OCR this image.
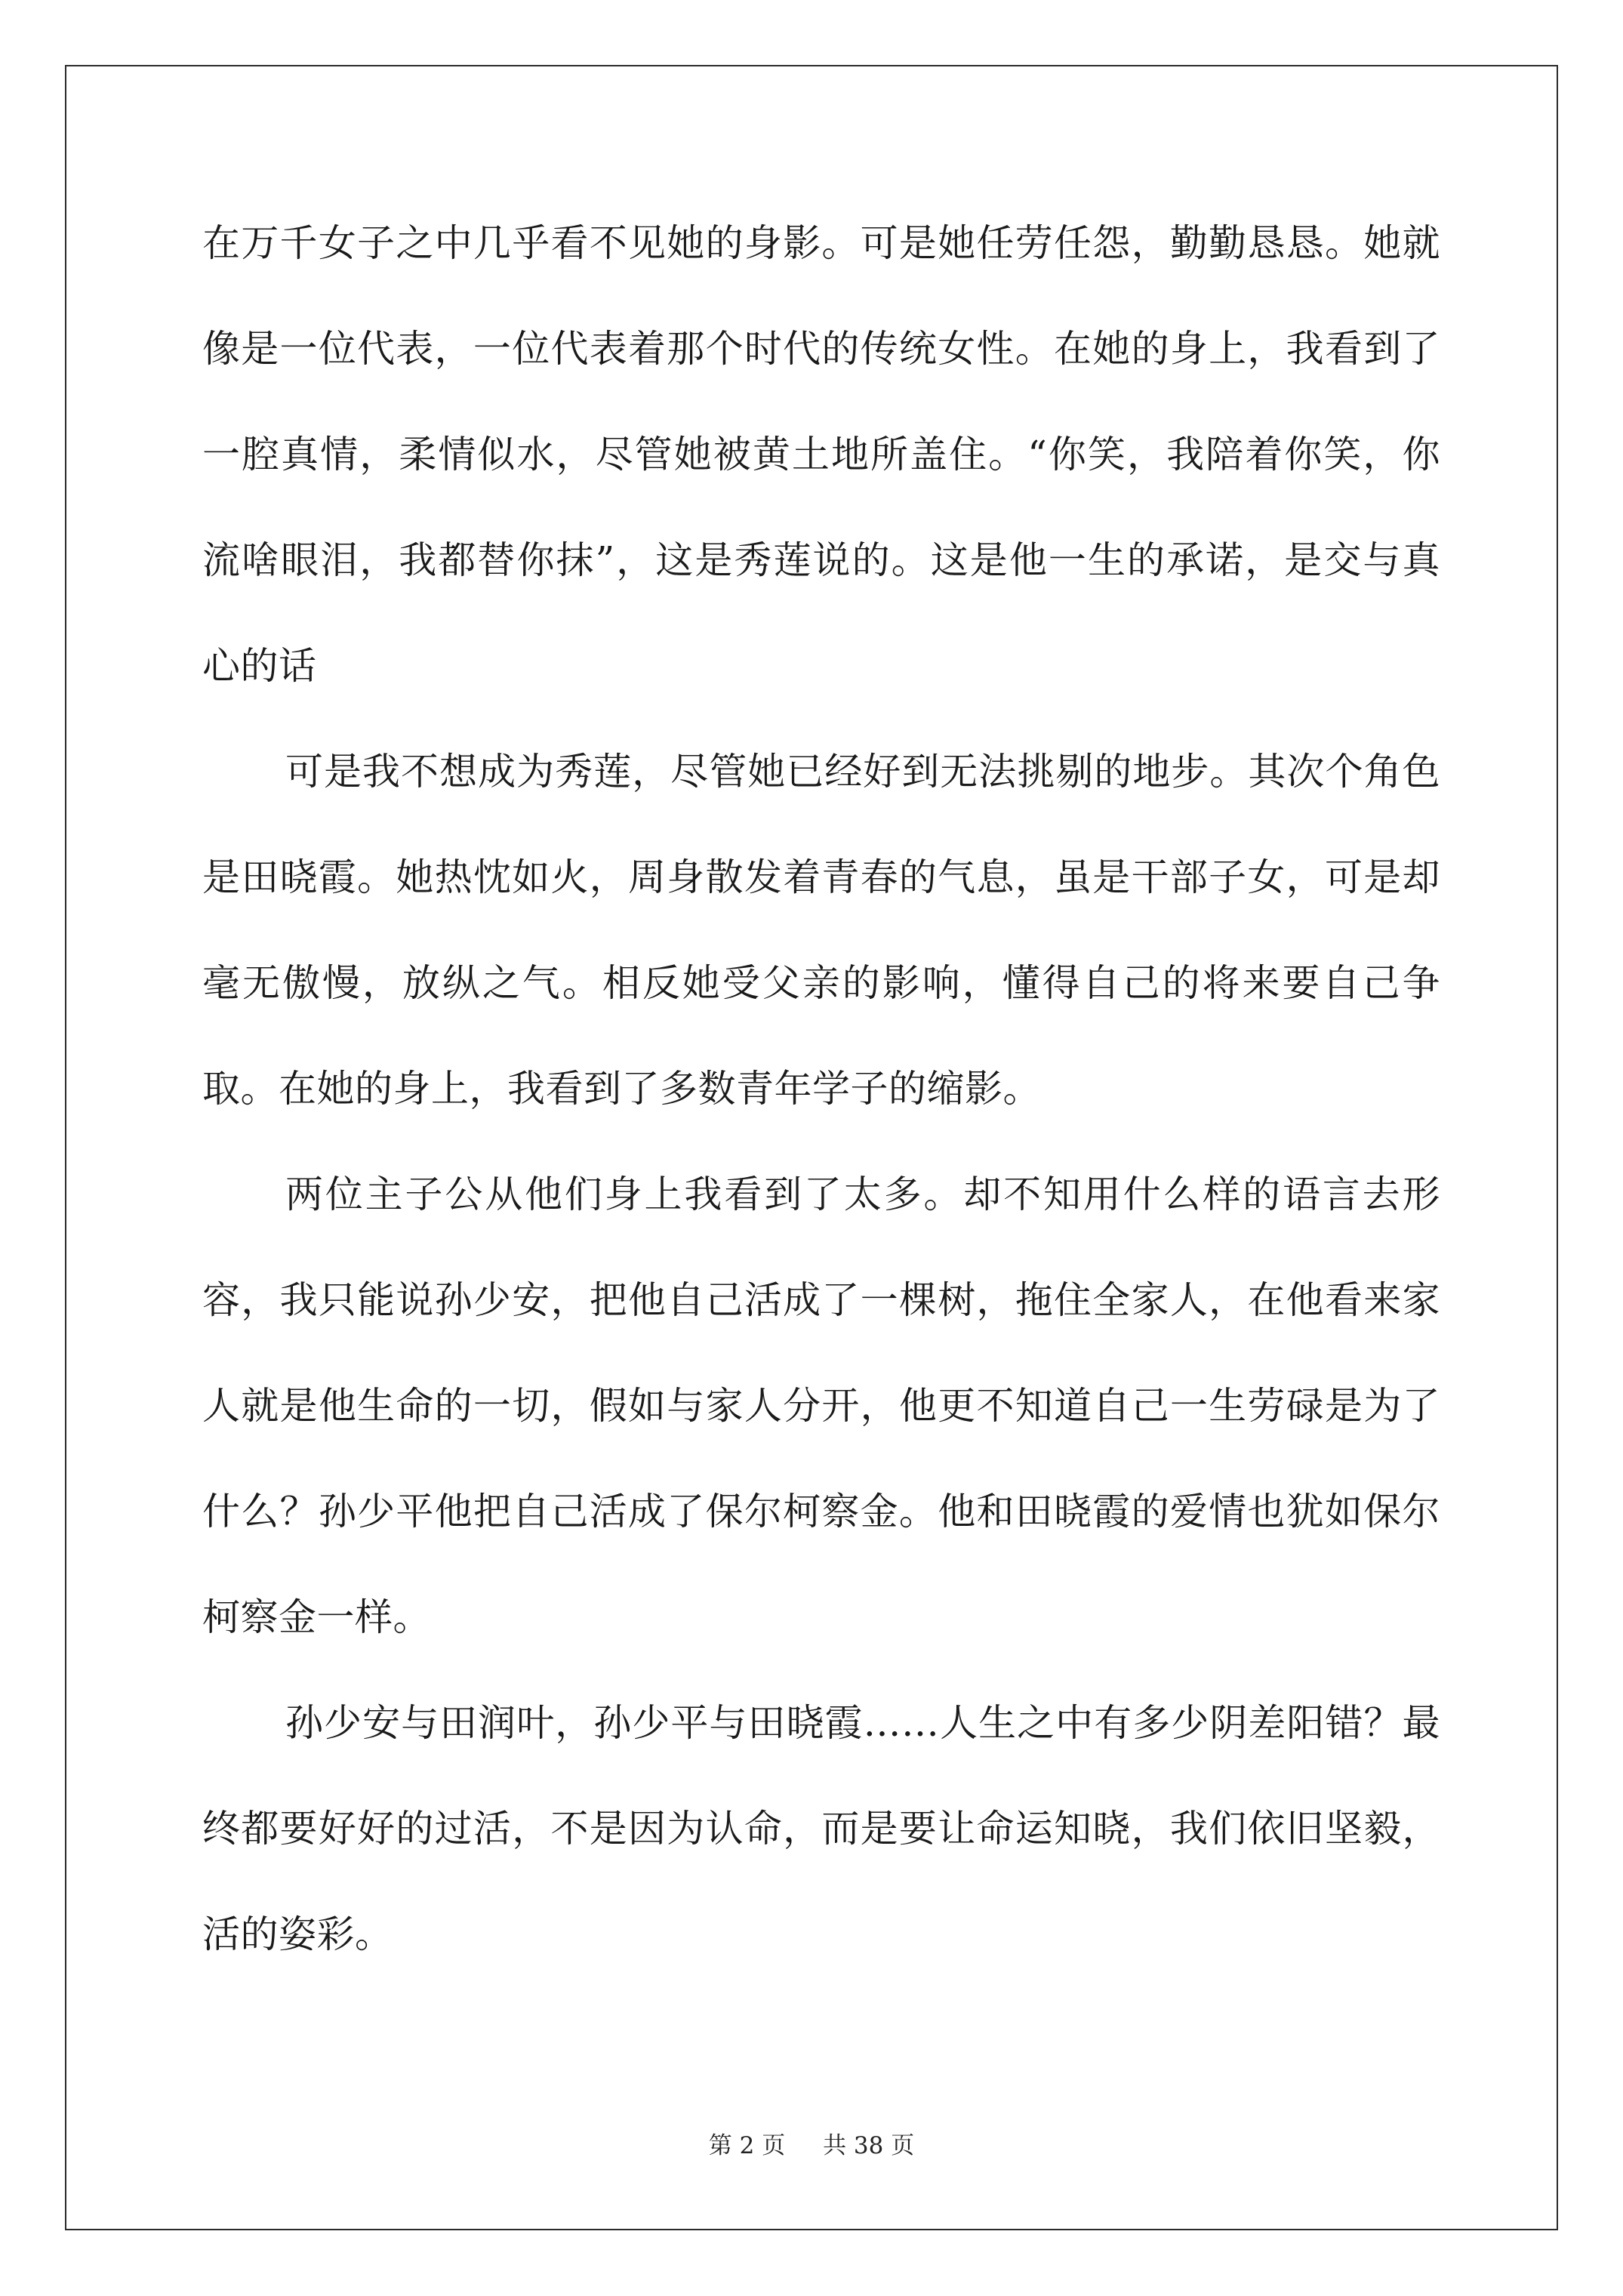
在万千女子之中几乎看不见她的身影。可是她任劳任怨，勤勤恳恳。她就像是一位代表，一位代表着那个时代的传统女性。在她的身上，我看到了一腔真情，柔情似水，尽管她被黄土地所盖住。“你笑，我陪着你笑，你流啥眼泪，我都替你抹”，这是秀莲说的。这是他一生的承诺，是交与真心的话

可是我不想成为秀莲，尽管她已经好到无法挑剔的地步。其次个角色是田晓霞。她热忱如火，周身散发着青春的气息，虽是干部子女，可是却毫无傲慢，放纵之气。相反她受父亲的影响，懂得自己的将来要自己争取。在她的身上，我看到了多数青年学子的缩影。

两位主子公从他们身上我看到了太多。却不知用什么样的语言去形容，我只能说孙少安，把他自己活成了一棵树，拖住全家人，在他看来家人就是他生命的一切，假如与家人分开，他更不知道自己一生劳碌是为了什么？孙少平他把自己活成了保尔柯察金。他和田晓霞的爱情也犹如保尔柯察金一样。

孙少安与田润叶，孙少平与田晓霞……人生之中有多少阴差阳错？最终都要好好的过活，不是因为认命，而是要让命运知晓，我们依旧坚毅，活的姿彩。

第 2 页 共 38 页
